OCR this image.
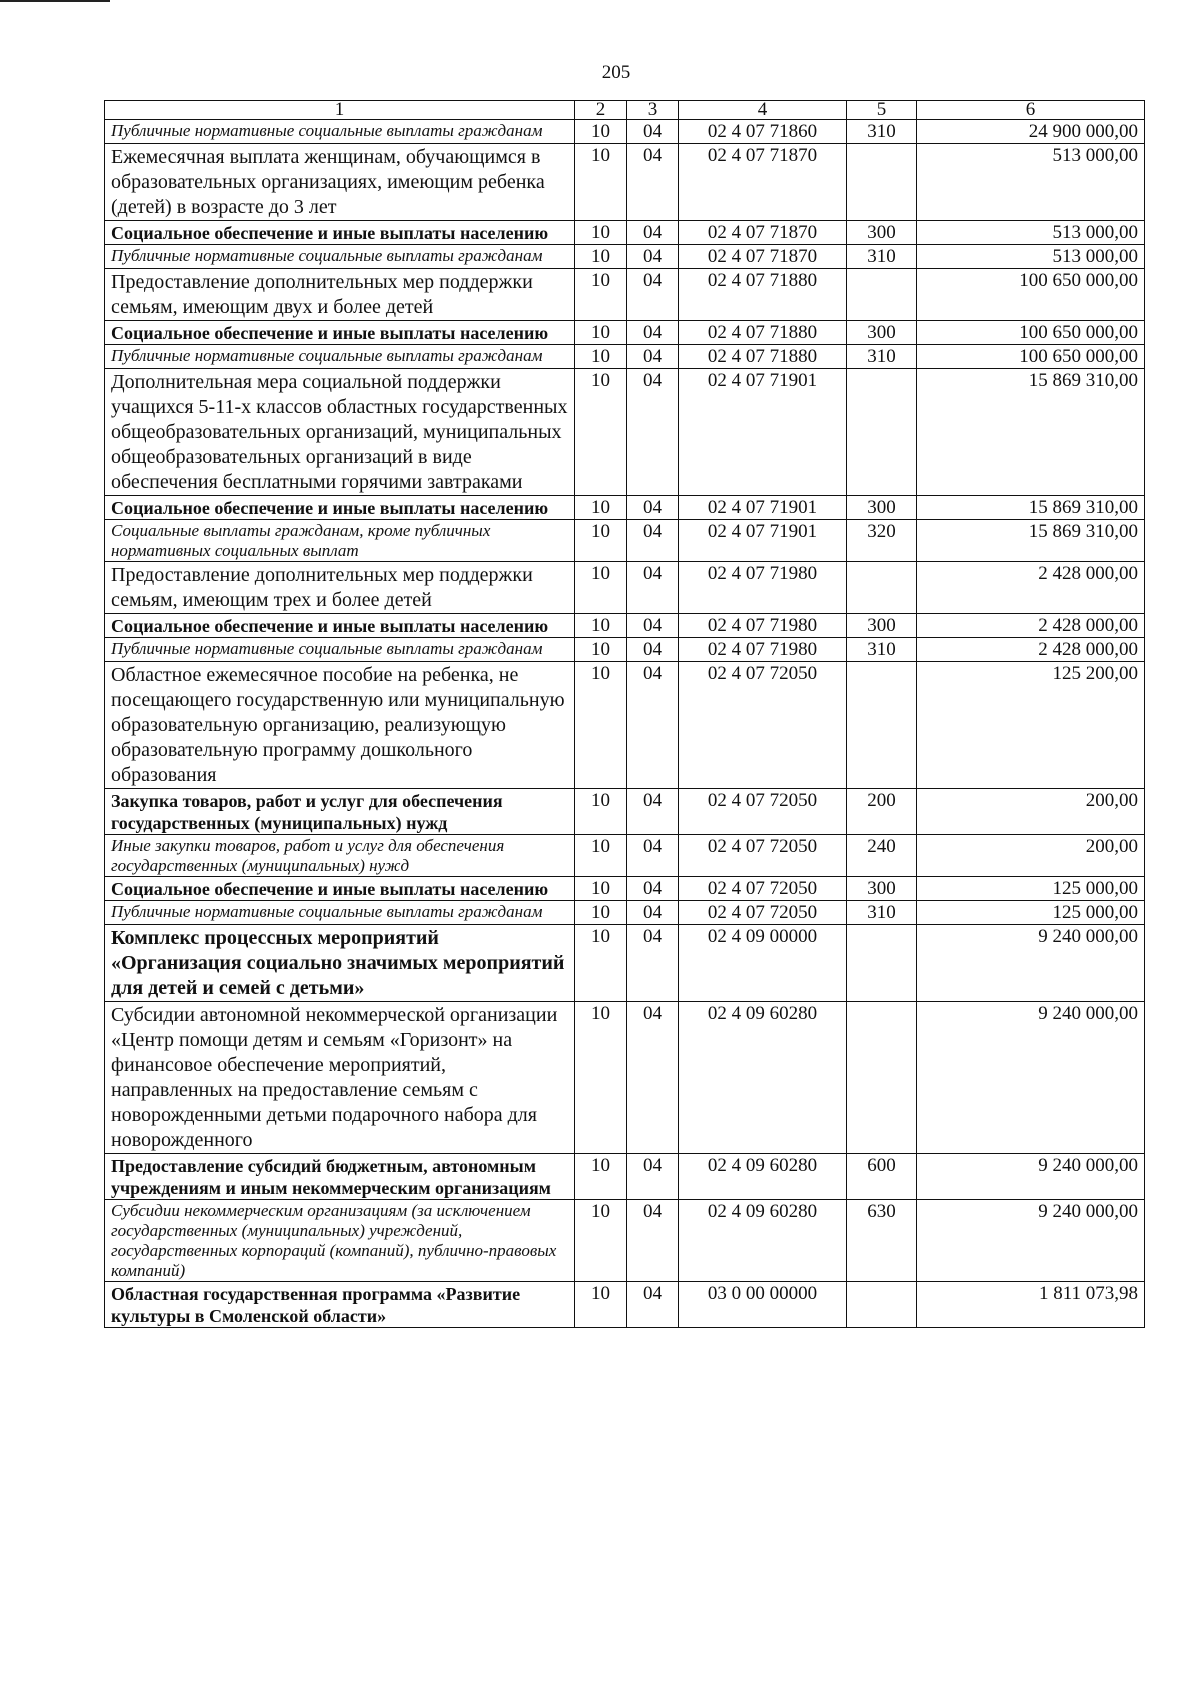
205
1	2	3	4	5	6
Публичные нормативные социальные выплаты гражданам	10	04	02 4 07 71860	310	24 900 000,00
Ежемесячная выплата женщинам, обучающимся в образовательных организациях, имеющим ребенка (детей) в возрасте до 3 лет	10	04	02 4 07 71870		513 000,00
Социальное обеспечение и иные выплаты населению	10	04	02 4 07 71870	300	513 000,00
Публичные нормативные социальные выплаты гражданам	10	04	02 4 07 71870	310	513 000,00
Предоставление дополнительных мер поддержки семьям, имеющим двух и более детей	10	04	02 4 07 71880		100 650 000,00
Социальное обеспечение и иные выплаты населению	10	04	02 4 07 71880	300	100 650 000,00
Публичные нормативные социальные выплаты гражданам	10	04	02 4 07 71880	310	100 650 000,00
Дополнительная мера социальной поддержки учащихся 5-11-х классов областных государственных общеобразовательных организаций, муниципальных общеобразовательных организаций в виде обеспечения бесплатными горячими завтраками	10	04	02 4 07 71901		15 869 310,00
Социальное обеспечение и иные выплаты населению	10	04	02 4 07 71901	300	15 869 310,00
Социальные выплаты гражданам, кроме публичных нормативных социальных выплат	10	04	02 4 07 71901	320	15 869 310,00
Предоставление дополнительных мер поддержки семьям, имеющим трех и более детей	10	04	02 4 07 71980		2 428 000,00
Социальное обеспечение и иные выплаты населению	10	04	02 4 07 71980	300	2 428 000,00
Публичные нормативные социальные выплаты гражданам	10	04	02 4 07 71980	310	2 428 000,00
Областное ежемесячное пособие на ребенка, не посещающего государственную или муниципальную образовательную организацию, реализующую образовательную программу дошкольного образования	10	04	02 4 07 72050		125 200,00
Закупка товаров, работ и услуг для обеспечения государственных (муниципальных) нужд	10	04	02 4 07 72050	200	200,00
Иные закупки товаров, работ и услуг для обеспечения государственных (муниципальных) нужд	10	04	02 4 07 72050	240	200,00
Социальное обеспечение и иные выплаты населению	10	04	02 4 07 72050	300	125 000,00
Публичные нормативные социальные выплаты гражданам	10	04	02 4 07 72050	310	125 000,00
Комплекс процессных мероприятий «Организация социально значимых мероприятий для детей и семей с детьми»	10	04	02 4 09 00000		9 240 000,00
Субсидии автономной некоммерческой организации «Центр помощи детям и семьям «Горизонт» на финансовое обеспечение мероприятий, направленных на предоставление семьям с новорожденными детьми подарочного набора для новорожденного	10	04	02 4 09 60280		9 240 000,00
Предоставление субсидий бюджетным, автономным учреждениям и иным некоммерческим организациям	10	04	02 4 09 60280	600	9 240 000,00
Субсидии некоммерческим организациям (за исключением государственных (муниципальных) учреждений, государственных корпораций (компаний), публично-правовых компаний)	10	04	02 4 09 60280	630	9 240 000,00
Областная государственная программа «Развитие культуры в Смоленской области»	10	04	03 0 00 00000		1 811 073,98
